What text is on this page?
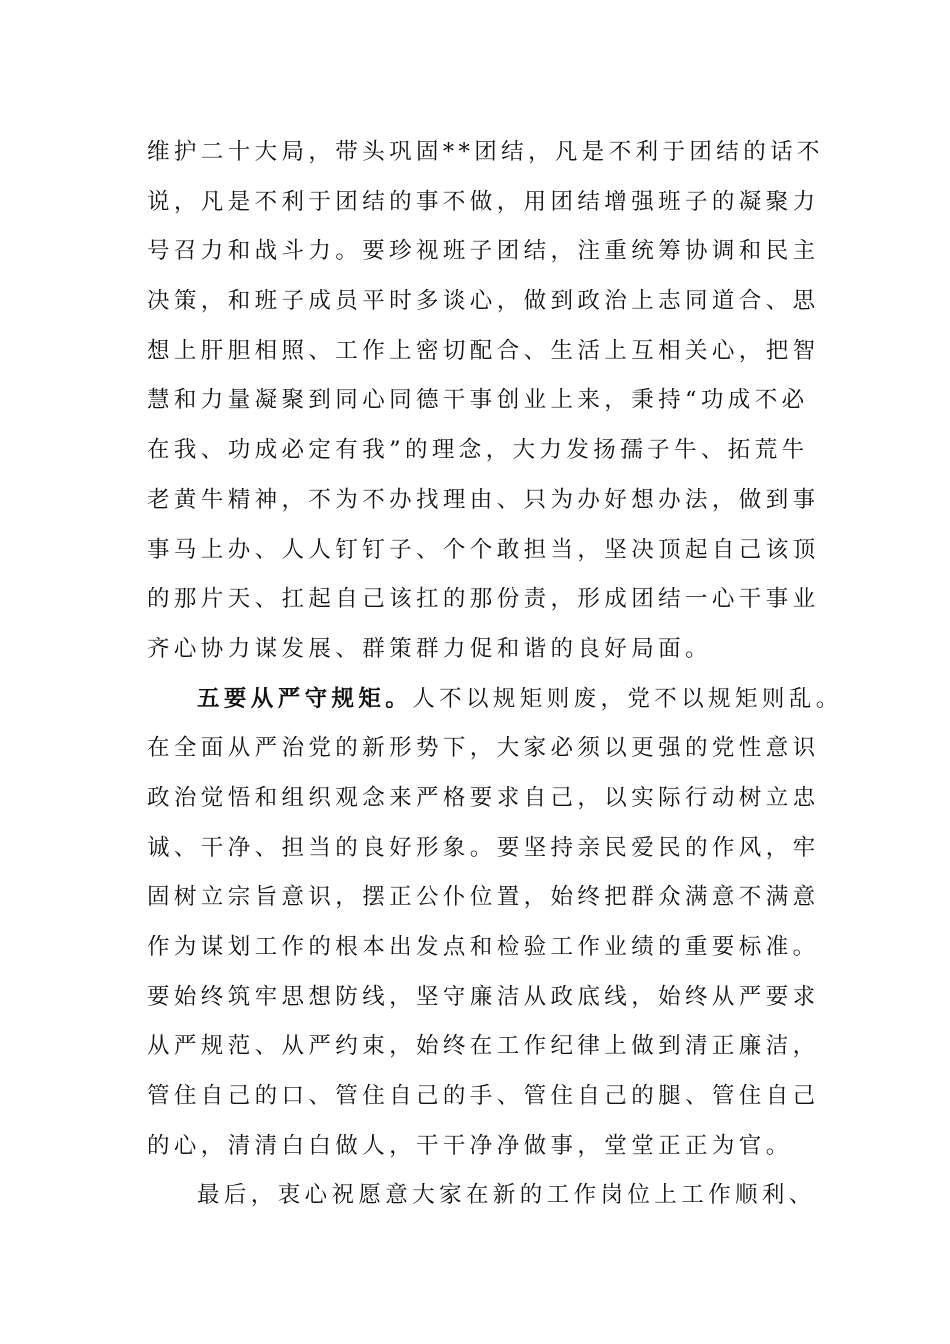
维护二十大局，带头巩固**团结，凡是不利于团结的话不
说，凡是不利于团结的事不做，用团结增强班子的凝聚力
号召力和战斗力。要珍视班子团结，注重统筹协调和民主
决策，和班子成员平时多谈心，做到政治上志同道合、思
想上肝胆相照、工作上密切配合、生活上互相关心，把智
慧和力量凝聚到同心同德干事创业上来，秉持“功成不必
在我、功成必定有我”的理念，大力发扬孺子牛、拓荒牛
老黄牛精神，不为不办找理由、只为办好想办法，做到事
事马上办、人人钉钉子、个个敢担当，坚决顶起自己该顶
的那片天、扛起自己该扛的那份责，形成团结一心干事业
齐心协力谋发展、群策群力促和谐的良好局面。
五要从严守规矩。人不以规矩则废，党不以规矩则乱。
在全面从严治党的新形势下，大家必须以更强的党性意识
政治觉悟和组织观念来严格要求自己，以实际行动树立忠
诚、干净、担当的良好形象。要坚持亲民爱民的作风，牢
固树立宗旨意识，摆正公仆位置，始终把群众满意不满意
作为谋划工作的根本出发点和检验工作业绩的重要标准。
要始终筑牢思想防线，坚守廉洁从政底线，始终从严要求
从严规范、从严约束，始终在工作纪律上做到清正廉洁，
管住自己的口、管住自己的手、管住自己的腿、管住自己
的心，清清白白做人，干干净净做事，堂堂正正为官。
最后，衷心祝愿意大家在新的工作岗位上工作顺利、
